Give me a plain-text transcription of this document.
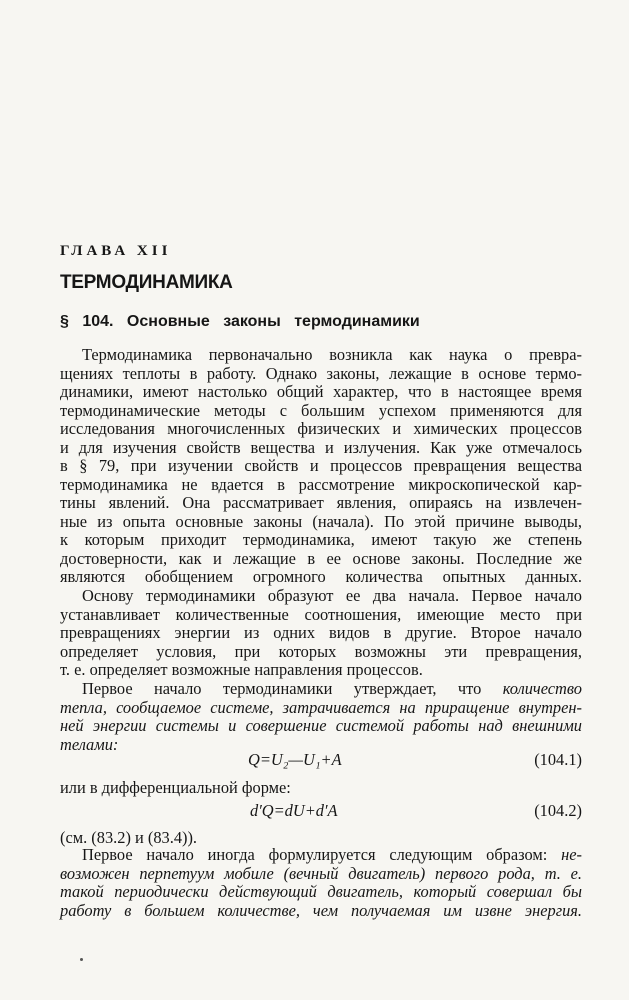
ГЛАВА XII
ТЕРМОДИНАМИКА
§ 104. Основные законы термодинамики
Термодинамика первоначально возникла как наука о превра-
щениях теплоты в работу. Однако законы, лежащие в основе термо-
динамики, имеют настолько общий характер, что в настоящее время
термодинамические методы с большим успехом применяются для
исследования многочисленных физических и химических процессов
и для изучения свойств вещества и излучения. Как уже отмечалось
в § 79, при изучении свойств и процессов превращения вещества
термодинамика не вдается в рассмотрение микроскопической кар-
тины явлений. Она рассматривает явления, опираясь на извлечен-
ные из опыта основные законы (начала). По этой причине выводы,
к которым приходит термодинамика, имеют такую же степень
достоверности, как и лежащие в ее основе законы. Последние же
являются обобщением огромного количества опытных данных.
Основу термодинамики образуют ее два начала. Первое начало
устанавливает количественные соотношения, имеющие место при
превращениях энергии из одних видов в другие. Второе начало
определяет условия, при которых возможны эти превращения,
т. е. определяет возможные направления процессов.
Первое начало термодинамики утверждает, что количество
тепла, сообщаемое системе, затрачивается на приращение внутрен-
ней энергии системы и совершение системой работы над внешними
телами:
Q=U₂—U₁+A	(104.1)
или в дифференциальной форме:
d′Q=dU+d′A	(104.2)
(см. (83.2) и (83.4)).
Первое начало иногда формулируется следующим образом: не-
возможен перпетуум мобиле (вечный двигатель) первого рода, т. е.
такой периодически действующий двигатель, который совершал бы
работу в большем количестве, чем получаемая им извне энергия.
